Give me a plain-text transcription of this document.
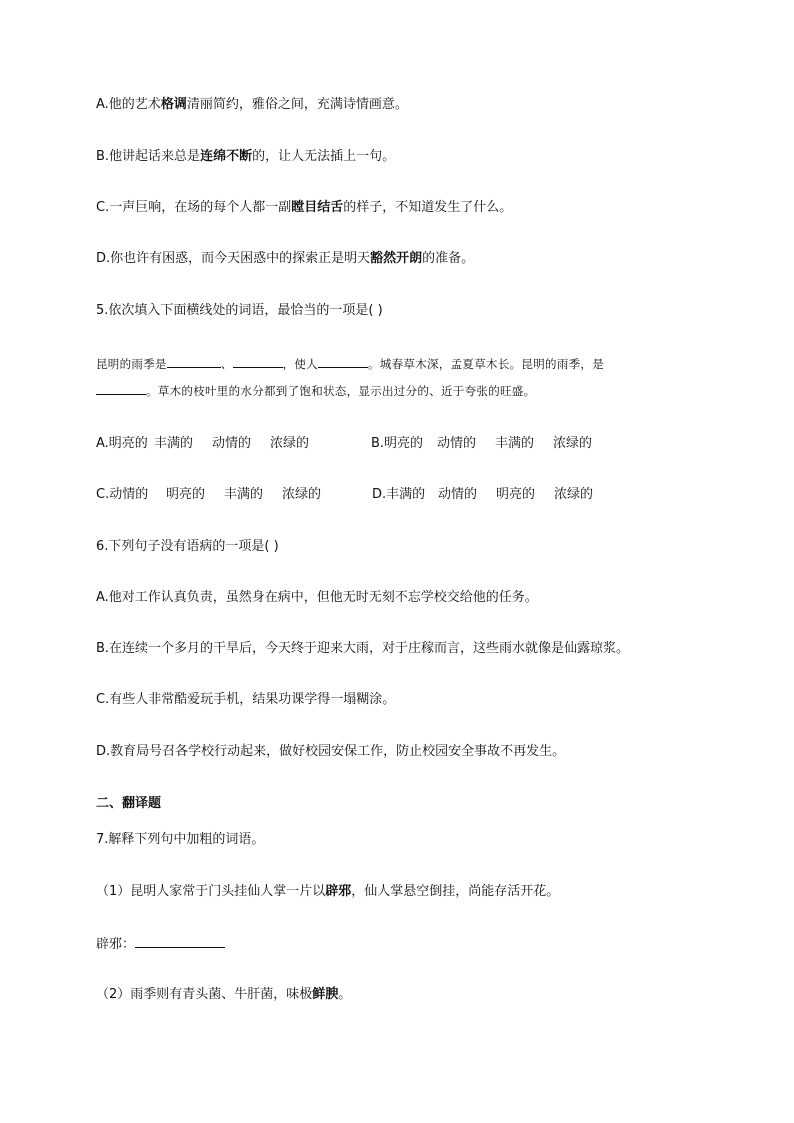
A.他的艺术格调清丽简约，雅俗之间，充满诗情画意。
B.他讲起话来总是连绵不断的，让人无法插上一句。
C.一声巨响，在场的每个人都一副瞠目结舌的样子，不知道发生了什么。
D.你也许有困惑，而今天困惑中的探索正是明天豁然开朗的准备。
5.依次填入下面横线处的词语，最恰当的一项是( )
昆明的雨季是	、	，使人	。城春草木深，孟夏草木长。昆明的雨季，是
。草木的枝叶里的水分都到了饱和状态，显示出过分的、近于夸张的旺盛。
A.明亮的 丰满的 动情的 浓绿的	B.明亮的 动情的 丰满的 浓绿的
C.动情的 明亮的 丰满的 浓绿的	D.丰满的 动情的 明亮的 浓绿的
6.下列句子没有语病的一项是( )
A.他对工作认真负责，虽然身在病中，但他无时无刻不忘学校交给他的任务。
B.在连续一个多月的干旱后，今天终于迎来大雨，对于庄稼而言，这些雨水就像是仙露琼浆。
C.有些人非常酷爱玩手机，结果功课学得一塌糊涂。
D.教育局号召各学校行动起来，做好校园安保工作，防止校园安全事故不再发生。
二、翻译题
7.解释下列句中加粗的词语。
（1）昆明人家常于门头挂仙人掌一片以辟邪，仙人掌悬空倒挂，尚能存活开花。
辟邪：
（2）雨季则有青头菌、牛肝菌，味极鲜腴。
